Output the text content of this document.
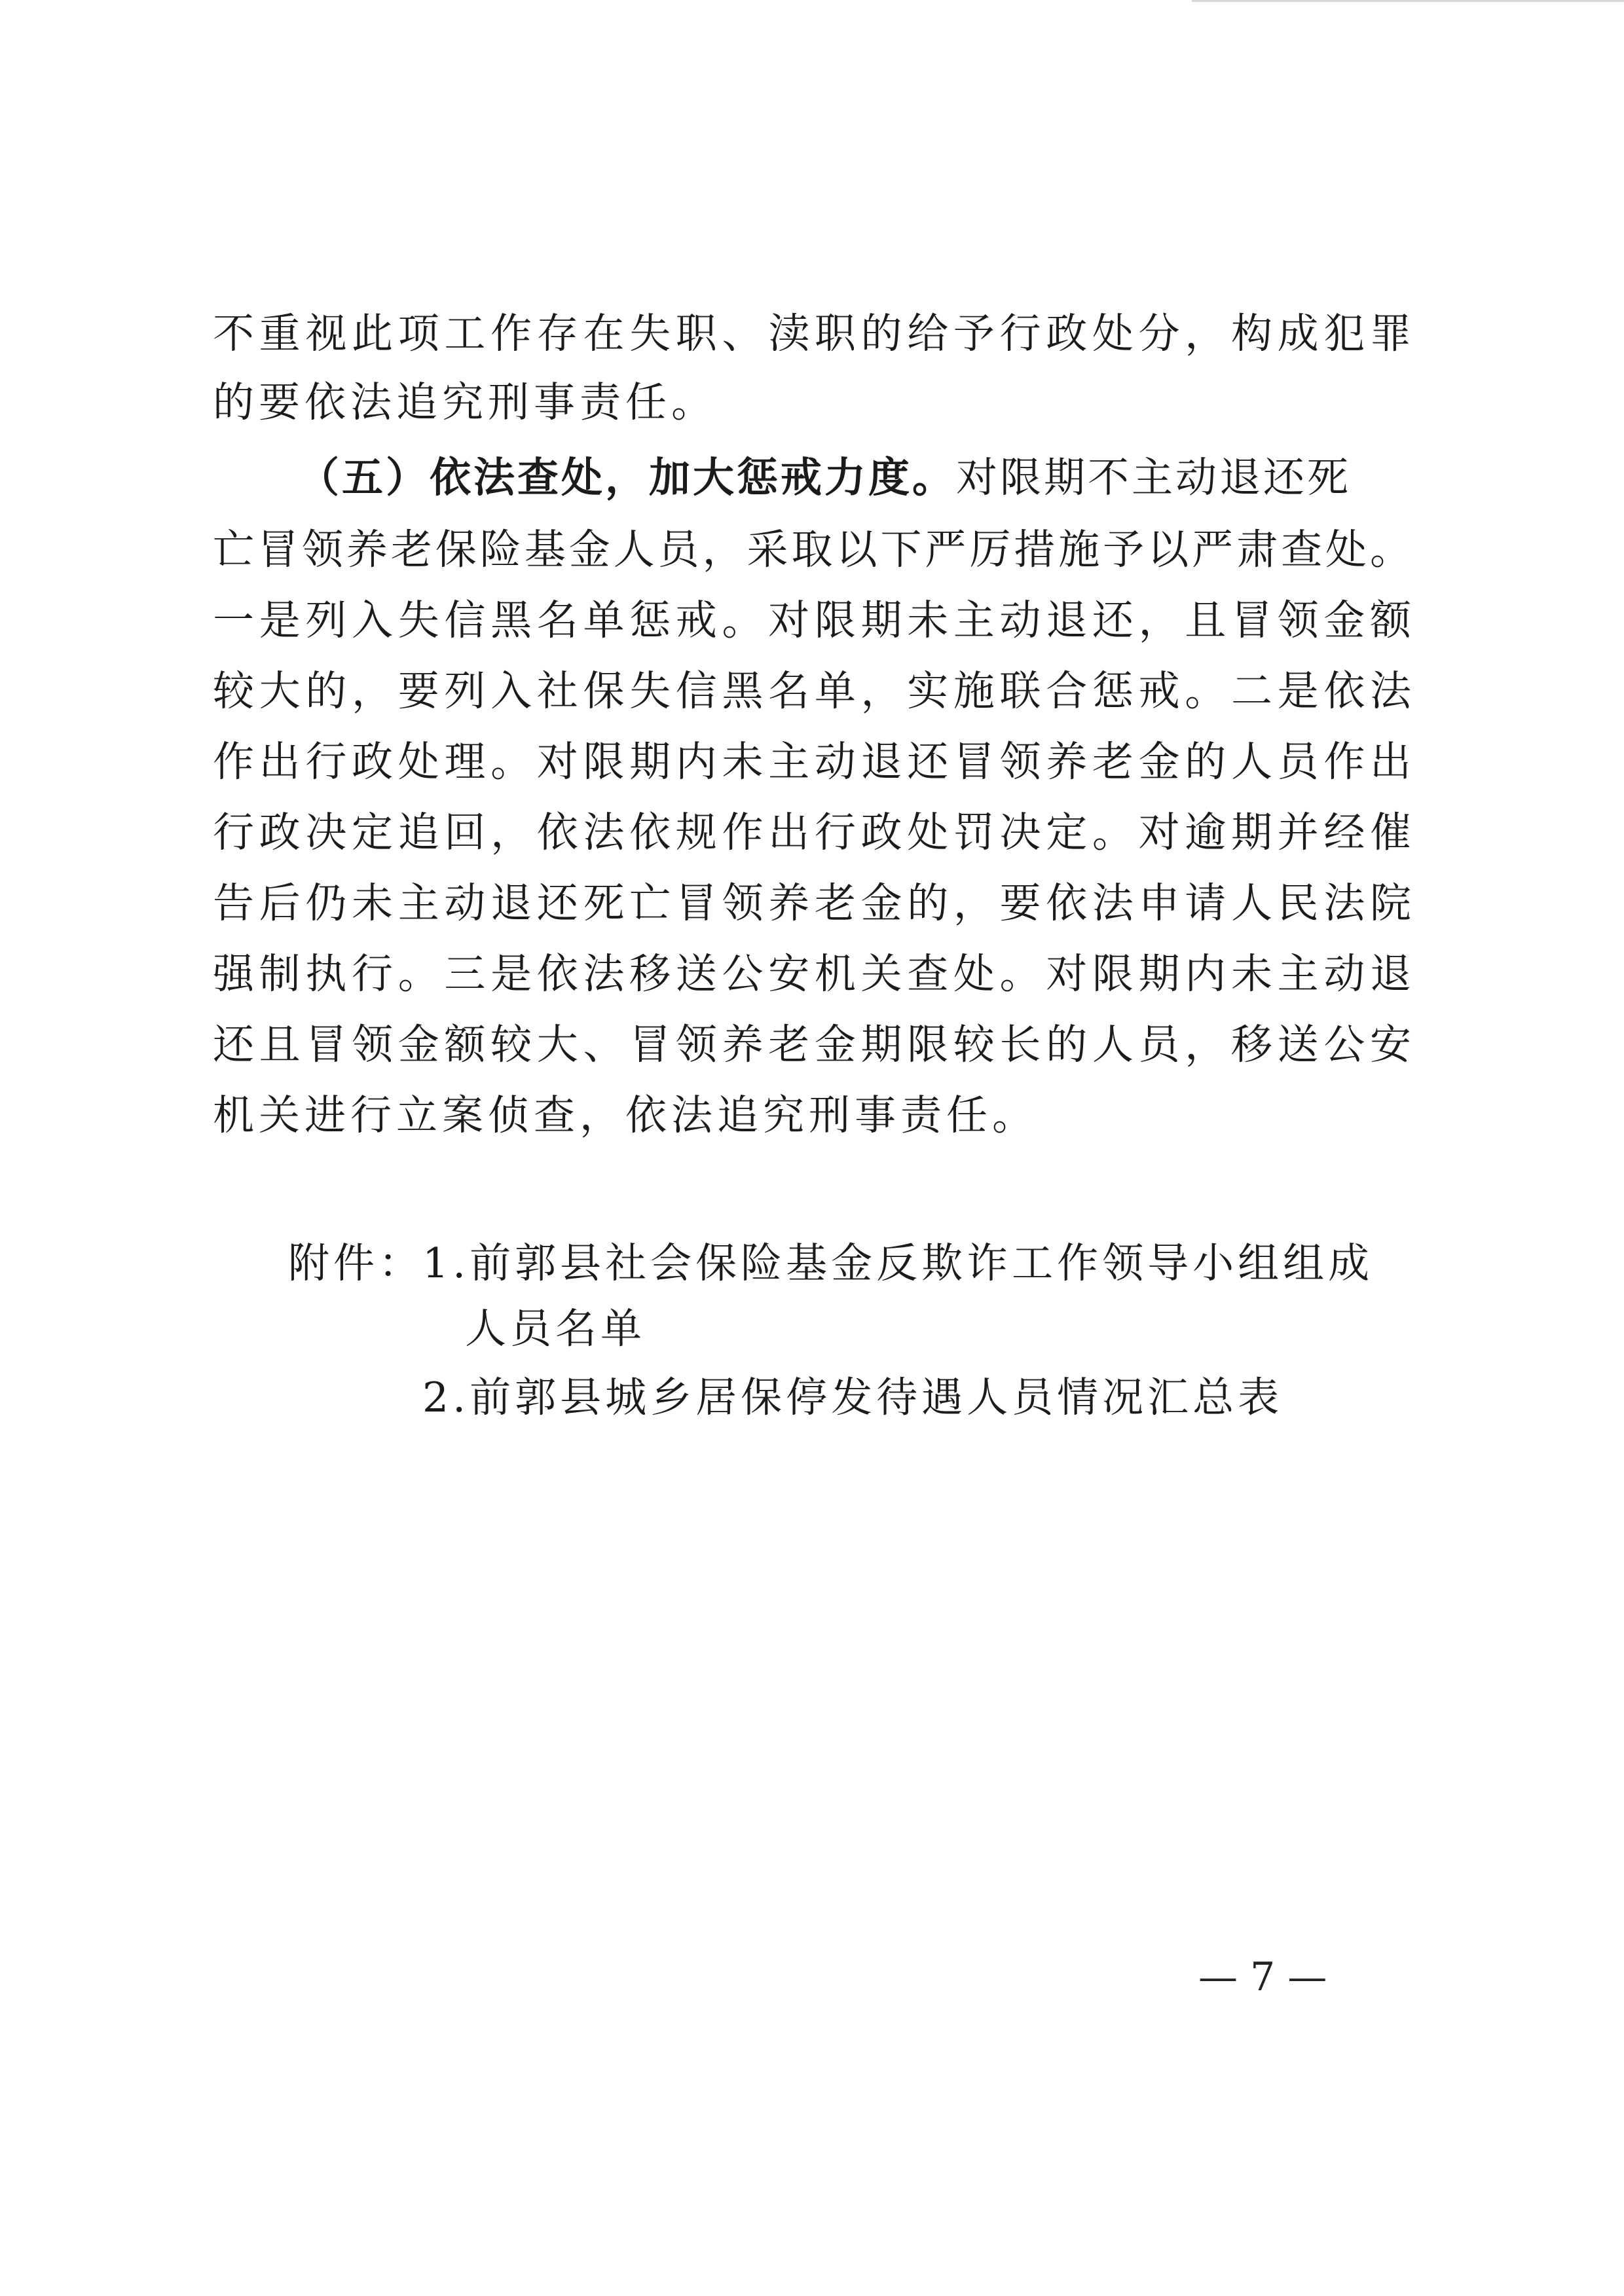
不重视此项工作存在失职、渎职的给予行政处分，构成犯罪
的要依法追究刑事责任。
（五）依法查处，加大惩戒力度。对限期不主动退还死
亡冒领养老保险基金人员，采取以下严厉措施予以严肃查处。
一是列入失信黑名单惩戒。对限期未主动退还，且冒领金额
较大的，要列入社保失信黑名单，实施联合惩戒。二是依法
作出行政处理。对限期内未主动退还冒领养老金的人员作出
行政决定追回，依法依规作出行政处罚决定。对逾期并经催
告后仍未主动退还死亡冒领养老金的，要依法申请人民法院
强制执行。三是依法移送公安机关查处。对限期内未主动退
还且冒领金额较大、冒领养老金期限较长的人员，移送公安
机关进行立案侦查，依法追究刑事责任。
附件：
1.前郭县社会保险基金反欺诈工作领导小组组成
人员名单
2.前郭县城乡居保停发待遇人员情况汇总表
— 7 —
